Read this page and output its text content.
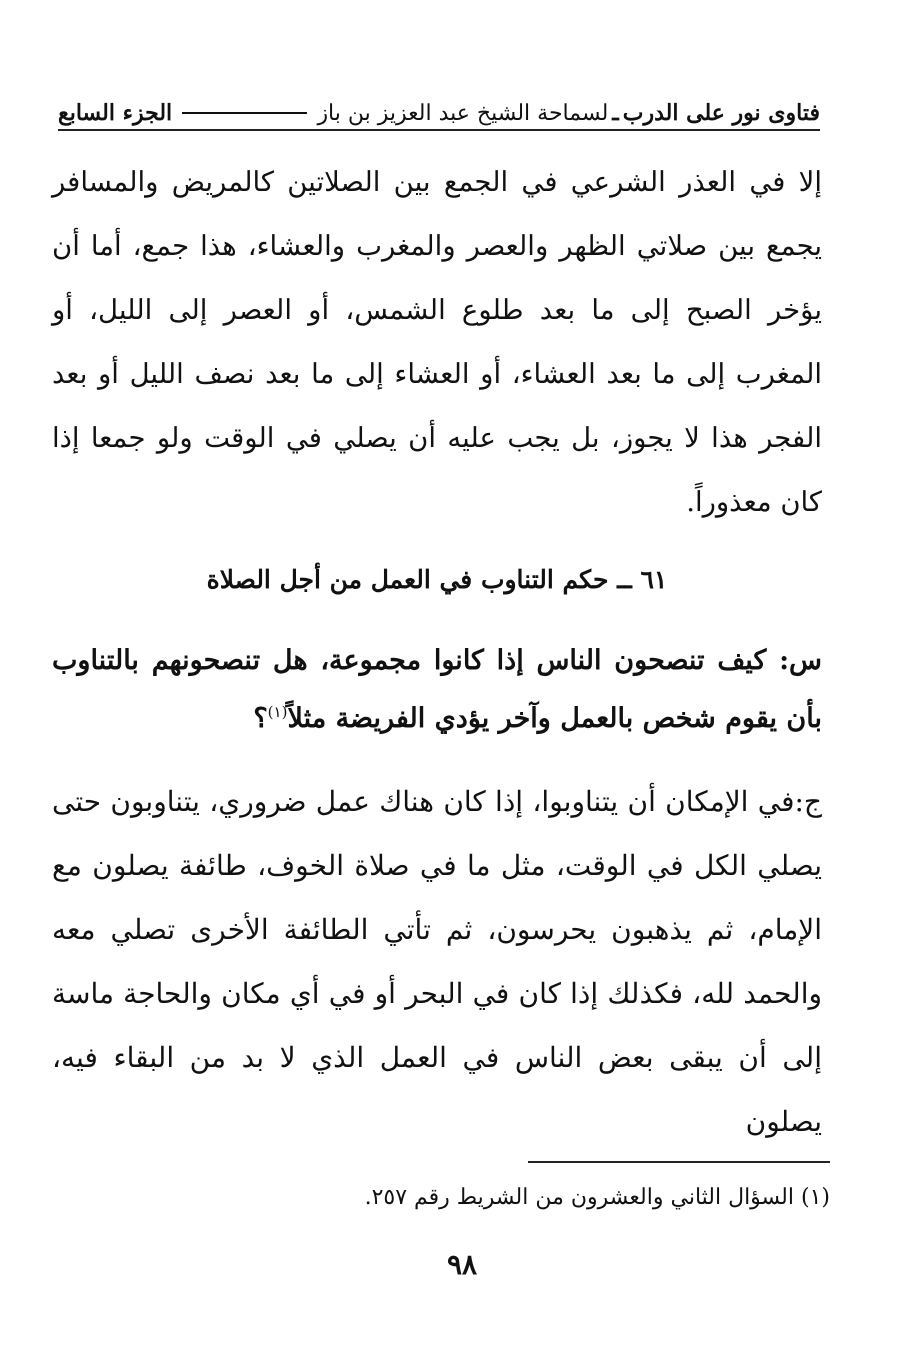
فتاوى نور على الدرب
ـ
لسماحة الشيخ عبد العزيز بن باز
الجزء السابع

إلا في العذر الشرعي في الجمع بين الصلاتين كالمريض والمسافر يجمع بين صلاتي الظهر والعصر والمغرب والعشاء، هذا جمع، أما أن يؤخر الصبح إلى ما بعد طلوع الشمس، أو العصر إلى الليل، أو المغرب إلى ما بعد العشاء، أو العشاء إلى ما بعد نصف الليل أو بعد الفجر هذا لا يجوز، بل يجب عليه أن يصلي في الوقت ولو جمعا إذا كان معذوراً.

٦١ ــ حكم التناوب في العمل من أجل الصلاة
س: كيف تنصحون الناس إذا كانوا مجموعة، هل تنصحونهم بالتناوب بأن يقوم شخص بالعمل وآخر يؤدي الفريضة مثلاً$^{(١)}$؟

ج:في الإمكان أن يتناوبوا، إذا كان هناك عمل ضروري، يتناوبون حتى يصلي الكل في الوقت، مثل ما في صلاة الخوف، طائفة يصلون مع الإمام، ثم يذهبون يحرسون، ثم تأتي الطائفة الأخرى تصلي معه والحمد لله، فكذلك إذا كان في البحر أو في أي مكان والحاجة ماسة إلى أن يبقى بعض الناس في العمل الذي لا بد من البقاء فيه، يصلون

(١) السؤال الثاني والعشرون من الشريط رقم ٢٥٧.
٩٨
